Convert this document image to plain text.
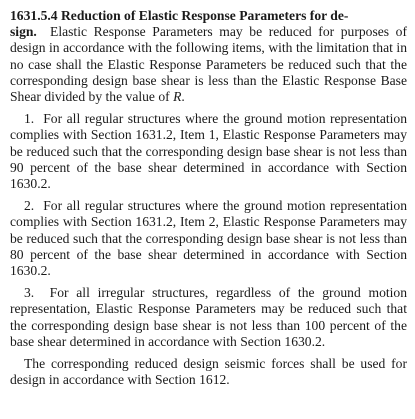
1631.5.4 Reduction of Elastic Response Parameters for de-
sign. Elastic Response Parameters may be reduced for purposes of design in accordance with the following items, with the limitation that in no case shall the Elastic Response Parameters be reduced such that the corresponding design base shear is less than the Elastic Response Base Shear divided by the value of R.

1. For all regular structures where the ground motion representation complies with Section 1631.2, Item 1, Elastic Response Parameters may be reduced such that the corresponding design base shear is not less than 90 percent of the base shear determined in accordance with Section 1630.2.

2. For all regular structures where the ground motion representation complies with Section 1631.2, Item 2, Elastic Response Parameters may be reduced such that the corresponding design base shear is not less than 80 percent of the base shear determined in accordance with Section 1630.2.

3. For all irregular structures, regardless of the ground motion representation, Elastic Response Parameters may be reduced such that the corresponding design base shear is not less than 100 percent of the base shear determined in accordance with Section 1630.2.

The corresponding reduced design seismic forces shall be used for design in accordance with Section 1612.
